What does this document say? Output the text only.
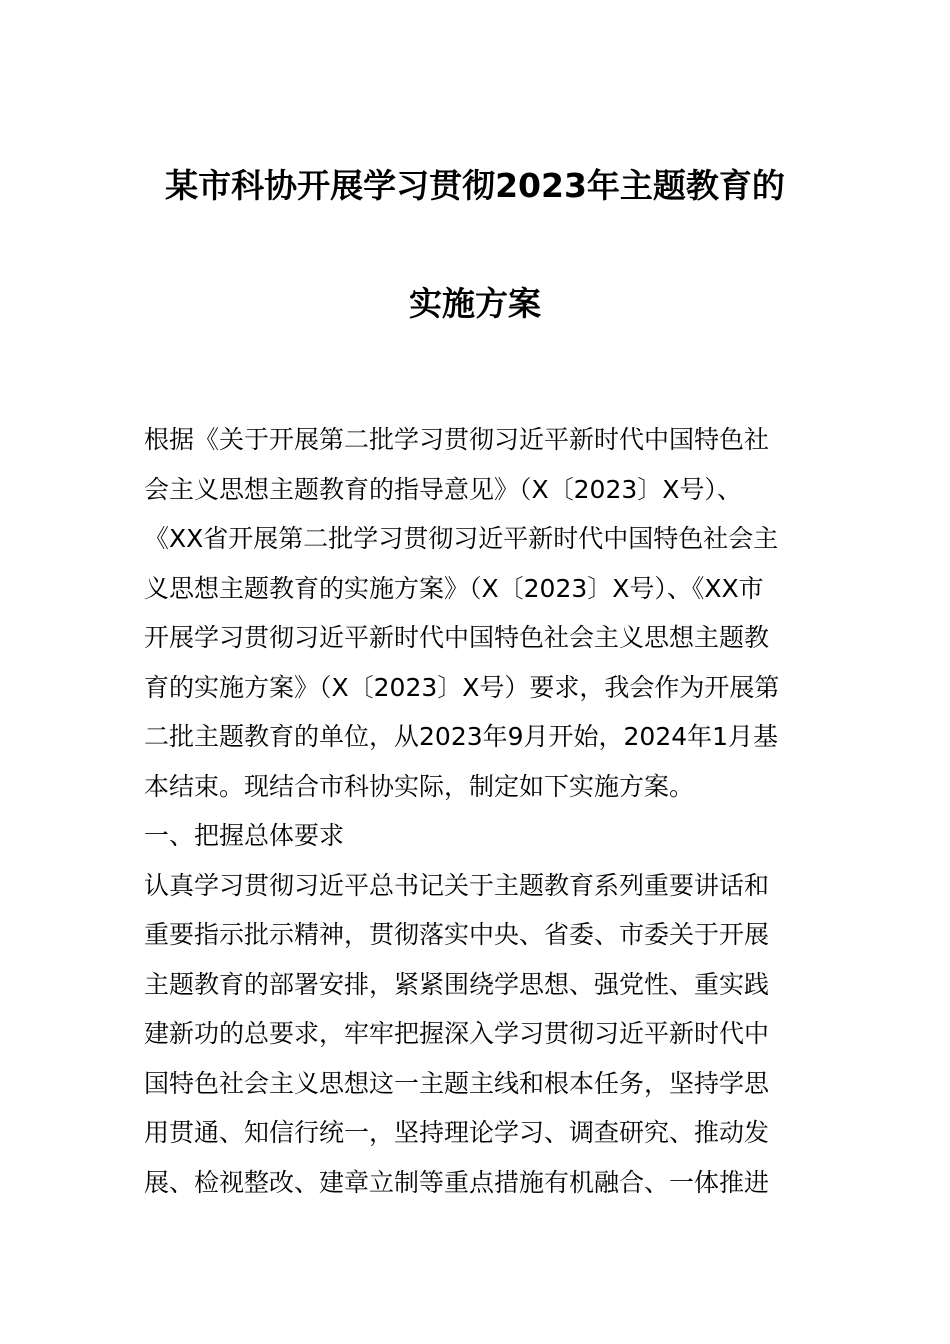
某市科协开展学习贯彻2023年主题教育的
实施方案
根据《关于开展第二批学习贯彻习近平新时代中国特色社
会主义思想主题教育的指导意见》（X〔2023〕X号）、
《XX省开展第二批学习贯彻习近平新时代中国特色社会主
义思想主题教育的实施方案》（X〔2023〕X号）、《XX市
开展学习贯彻习近平新时代中国特色社会主义思想主题教
育的实施方案》（X〔2023〕X号）要求，我会作为开展第
二批主题教育的单位，从2023年9月开始，2024年1月基
本结束。现结合市科协实际，制定如下实施方案。
一、把握总体要求
认真学习贯彻习近平总书记关于主题教育系列重要讲话和
重要指示批示精神，贯彻落实中央、省委、市委关于开展
主题教育的部署安排，紧紧围绕学思想、强党性、重实践
建新功的总要求，牢牢把握深入学习贯彻习近平新时代中
国特色社会主义思想这一主题主线和根本任务，坚持学思
用贯通、知信行统一，坚持理论学习、调查研究、推动发
展、检视整改、建章立制等重点措施有机融合、一体推进
